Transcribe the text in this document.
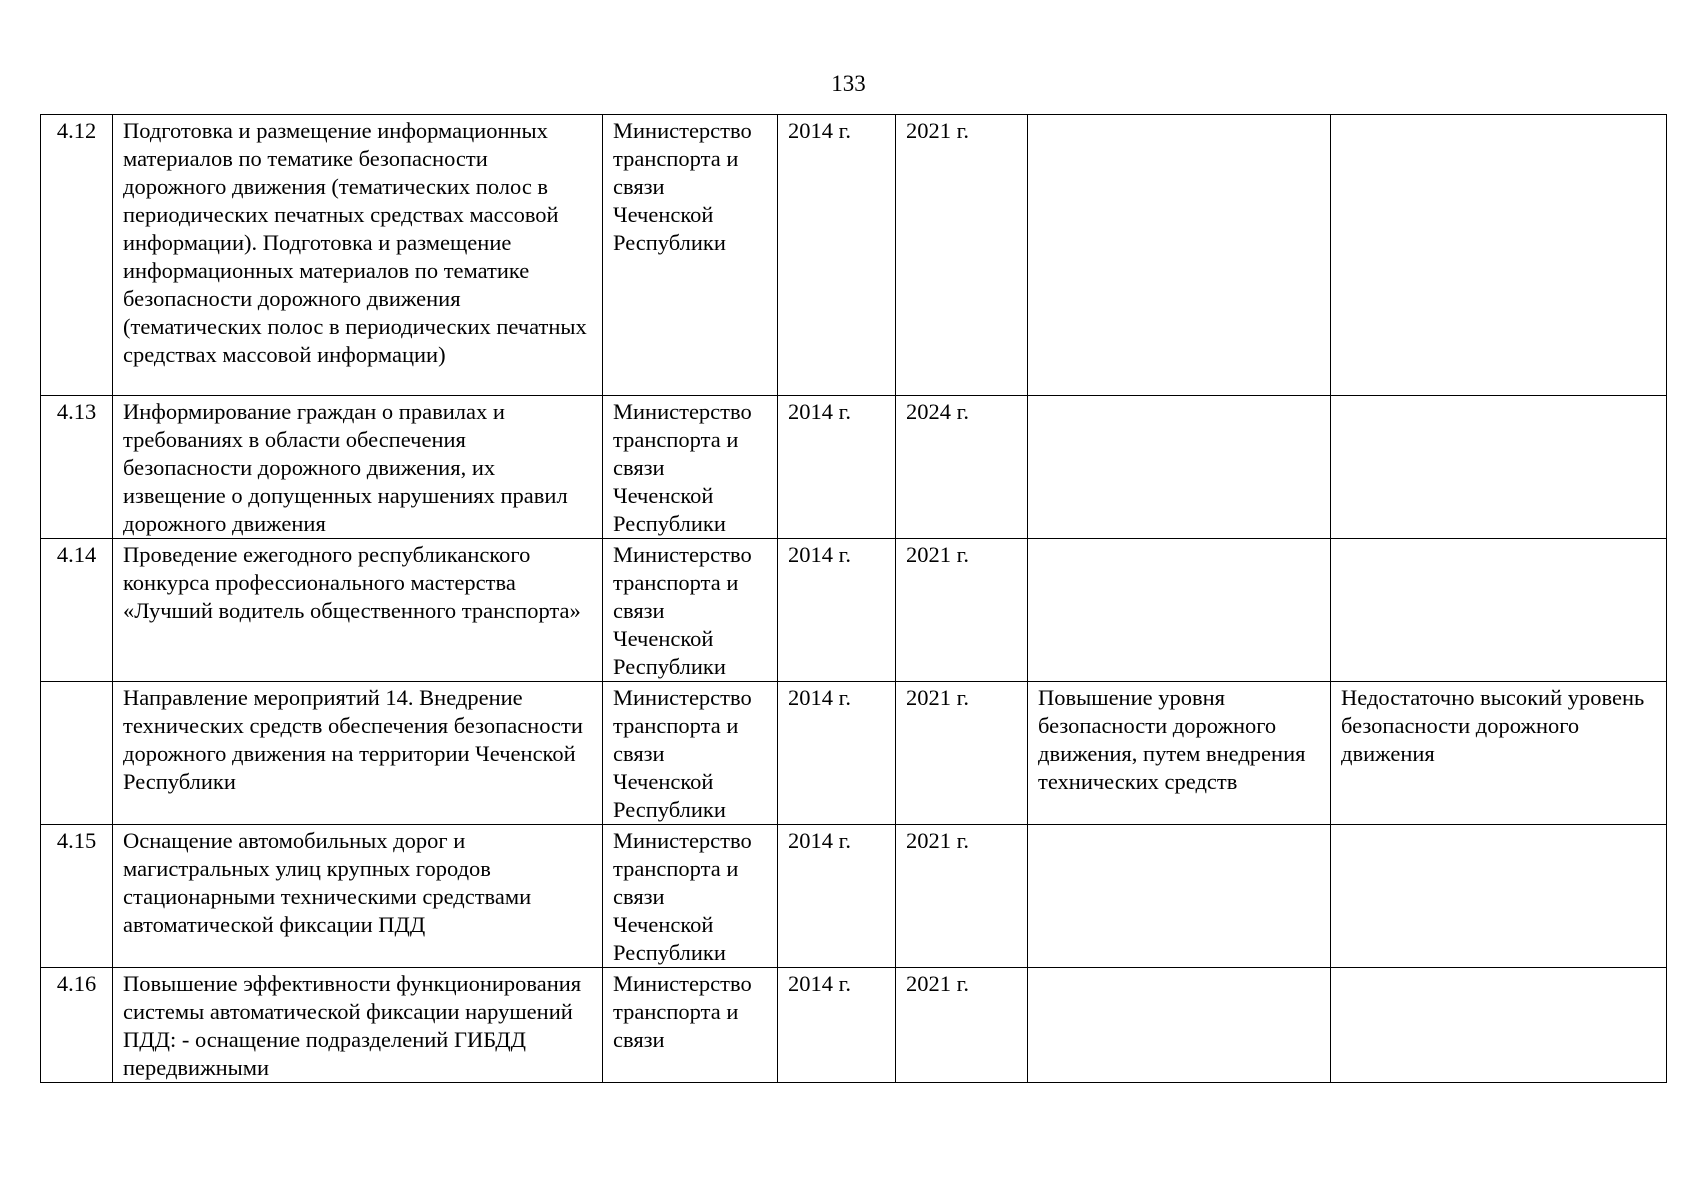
133
4.12	Подготовка и размещение информационных материалов по тематике безопасности дорожного движения (тематических полос в периодических печатных средствах массовой информации). Подготовка и размещение информационных материалов по тематике безопасности дорожного движения (тематических полос в периодических печатных средствах массовой информации)	Министерство транспорта и связи Чеченской Республики	2014 г.	2021 г.		
4.13	Информирование граждан о правилах и требованиях в области обеспечения безопасности дорожного движения, их извещение о допущенных нарушениях правил дорожного движения	Министерство транспорта и связи Чеченской Республики	2014 г.	2024 г.		
4.14	Проведение ежегодного республиканского конкурса профессионального мастерства «Лучший водитель общественного транспорта»	Министерство транспорта и связи Чеченской Республики	2014 г.	2021 г.		
	Направление мероприятий 14. Внедрение технических средств обеспечения безопасности дорожного движения на территории Чеченской Республики	Министерство транспорта и связи Чеченской Республики	2014 г.	2021 г.	Повышение уровня безопасности дорожного движения, путем внедрения технических средств	Недостаточно высокий уровень безопасности дорожного движения
4.15	Оснащение автомобильных дорог и магистральных улиц крупных городов стационарными техническими средствами автоматической фиксации ПДД	Министерство транспорта и связи Чеченской Республики	2014 г.	2021 г.		
4.16	Повышение эффективности функционирования системы автоматической фиксации нарушений ПДД: - оснащение подразделений ГИБДД передвижными	Министерство транспорта и связи	2014 г.	2021 г.		
